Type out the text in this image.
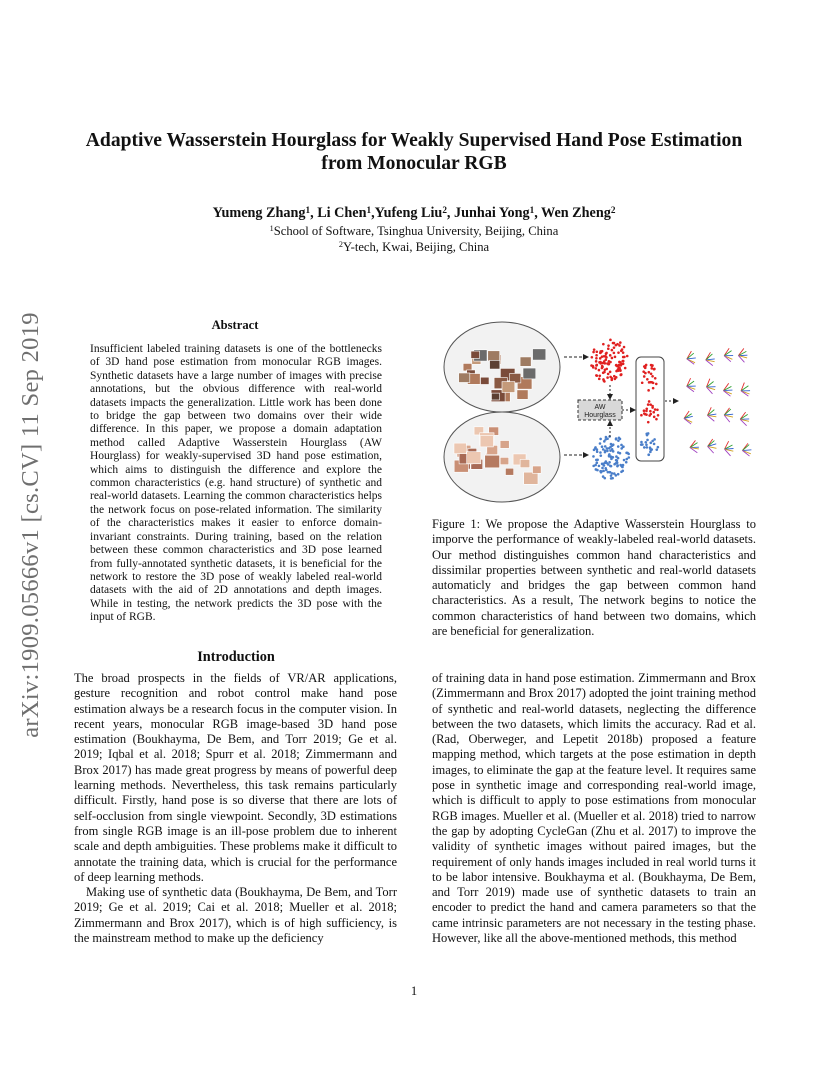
arXiv:1909.05666v1 [cs.CV] 11 Sep 2019
Adaptive Wasserstein Hourglass for Weakly Supervised Hand Pose Estimation
from Monocular RGB
Yumeng Zhang$^1$, Li Chen$^1$,Yufeng Liu$^2$, Junhai Yong$^1$, Wen Zheng$^2$
$^1$School of Software, Tsinghua University, Beijing, China
$^2$Y-tech, Kwai, Beijing, China
Abstract
Insufficient labeled training datasets is one of the bottlenecks of 3D hand pose estimation from monocular RGB images. Synthetic datasets have a large number of images with precise annotations, but the obvious difference with real-world datasets impacts the generalization. Little work has been done to bridge the gap between two domains over their wide difference. In this paper, we propose a domain adaptation method called Adaptive Wasserstein Hourglass (AW Hourglass) for weakly-supervised 3D hand pose estimation, which aims to distinguish the difference and explore the common characteristics (e.g. hand structure) of synthetic and real-world datasets. Learning the common characteristics helps the network focus on pose-related information. The similarity of the characteristics makes it easier to enforce domain-invariant constraints. During training, based on the relation between these common characteristics and 3D pose learned from fully-annotated synthetic datasets, it is beneficial for the network to restore the 3D pose of weakly labeled real-world datasets with the aid of 2D annotations and depth images. While in testing, the network predicts the 3D pose with the input of RGB.
Introduction

The broad prospects in the fields of VR/AR applications, gesture recognition and robot control make hand pose estimation always be a research focus in the computer vision. In recent years, monocular RGB image-based 3D hand pose estimation (Boukhayma, De Bem, and Torr 2019; Ge et al. 2019; Iqbal et al. 2018; Spurr et al. 2018; Zimmermann and Brox 2017) has made great progress by means of powerful deep learning methods. Nevertheless, this task remains particularly difficult. Firstly, hand pose is so diverse that there are lots of self-occlusion from single viewpoint. Secondly, 3D estimations from single RGB image is an ill-pose problem due to inherent scale and depth ambiguities. These problems make it difficult to annotate the training data, which is crucial for the performance of deep learning methods.

Making use of synthetic data (Boukhayma, De Bem, and Torr 2019; Ge et al. 2019; Cai et al. 2018; Mueller et al. 2018; Zimmermann and Brox 2017), which is of high sufficiency, is the mainstream method to make up the deficiency

of training data in hand pose estimation. Zimmermann and Brox (Zimmermann and Brox 2017) adopted the joint training method of synthetic and real-world datasets, neglecting the difference between the two datasets, which limits the accuracy. Rad et al. (Rad, Oberweger, and Lepetit 2018b) proposed a feature mapping method, which targets at the pose estimation in depth images, to eliminate the gap at the feature level. It requires same pose in synthetic image and corresponding real-world image, which is difficult to apply to pose estimations from monocular RGB images. Mueller et al. (Mueller et al. 2018) tried to narrow the gap by adopting CycleGan (Zhu et al. 2017) to improve the validity of synthetic images without paired images, but the requirement of only hands images included in real world turns it to be labor intensive. Boukhayma et al. (Boukhayma, De Bem, and Torr 2019) made use of synthetic datasets to train an encoder to predict the hand and camera parameters so that the came intrinsic parameters are not necessary in the testing phase. However, like all the above-mentioned methods, this method

AW
Hourglass
Figure 1: We propose the Adaptive Wasserstein Hourglass to imporve the performance of weakly-labeled real-world datasets. Our method distinguishes common hand characteristics and dissimilar properties between synthetic and real-world datasets automaticly and bridges the gap between common hand characteristics. As a result, The network begins to notice the common characteristics of hand between two domains, which are beneficial for generalization.
1
